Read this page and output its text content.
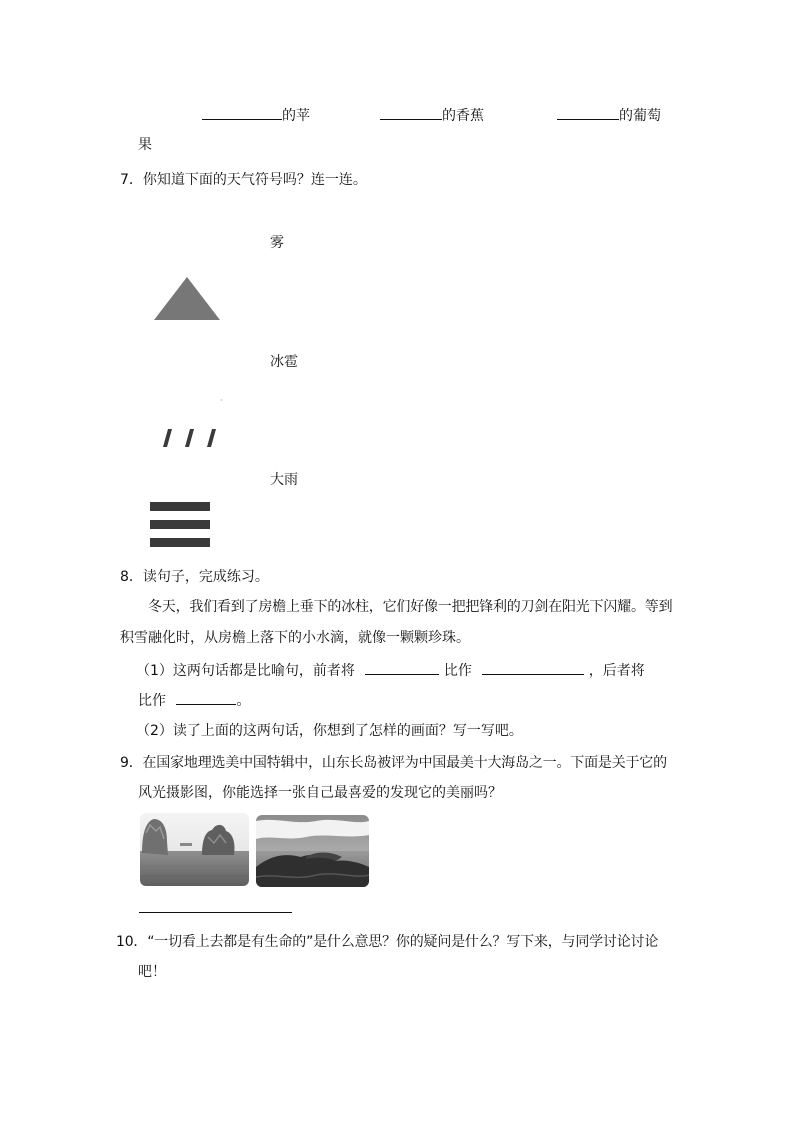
的苹	的香蕉	的葡萄
果
7．你知道下面的天气符号吗？连一连。
雾
冰雹
·
大雨
8．读句子，完成练习。
冬天，我们看到了房檐上垂下的冰柱，它们好像一把把锋利的刀剑在阳光下闪耀。等到
积雪融化时，从房檐上落下的小水滴，就像一颗颗珍珠。
（1）这两句话都是比喻句，前者将	比作	，后者将
比作	。
（2）读了上面的这两句话，你想到了怎样的画面？写一写吧。
9．在国家地理选美中国特辑中，山东长岛被评为中国最美十大海岛之一。下面是关于它的
风光摄影图，你能选择一张自己最喜爱的发现它的美丽吗？
10．“一切看上去都是有生命的”是什么意思？你的疑问是什么？写下来，与同学讨论讨论
吧！
